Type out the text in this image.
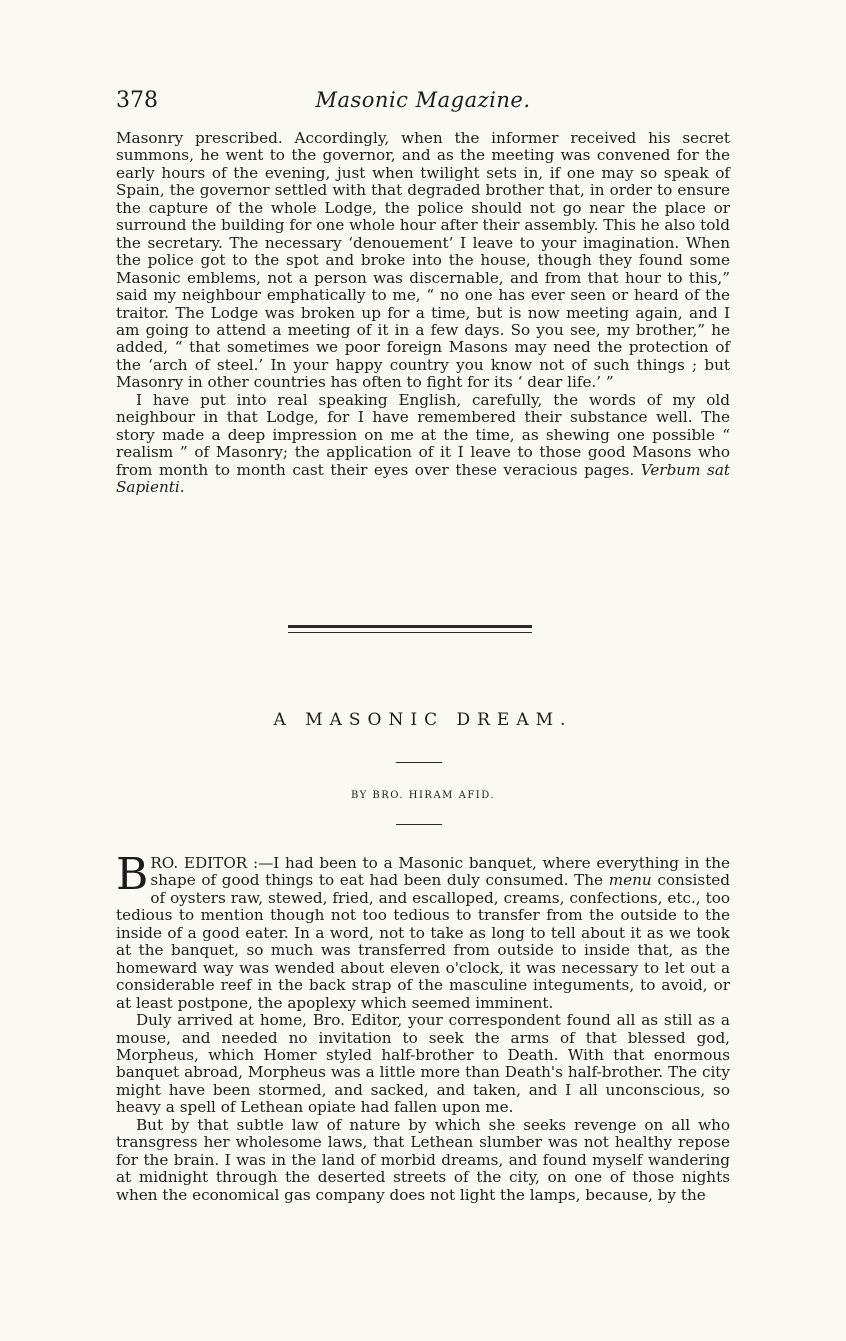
378	Masonic Magazine.

Masonry prescribed. Accordingly, when the informer received his secret summons, he went to the governor, and as the meeting was convened for the early hours of the evening, just when twilight sets in, if one may so speak of Spain, the governor settled with that degraded brother that, in order to ensure the capture of the whole Lodge, the police should not go near the place or surround the building for one whole hour after their assembly. This he also told the secretary. The necessary ‘denouement’ I leave to your imagination. When the police got to the spot and broke into the house, though they found some Masonic emblems, not a person was discernable, and from that hour to this,” said my neighbour emphatically to me, “ no one has ever seen or heard of the traitor. The Lodge was broken up for a time, but is now meeting again, and I am going to attend a meeting of it in a few days. So you see, my brother,” he added, “ that sometimes we poor foreign Masons may need the protection of the ‘arch of steel.’ In your happy country you know not of such things ; but Masonry in other countries has often to fight for its ‘ dear life.’ ”

I have put into real speaking English, carefully, the words of my old neighbour in that Lodge, for I have remembered their substance well. The story made a deep impression on me at the time, as shewing one possible “ realism ” of Masonry; the application of it I leave to those good Masons who from month to month cast their eyes over these veracious pages. Verbum sat Sapienti.

A MASONIC DREAM.
BY BRO. HIRAM AFID.

BRO. EDITOR :—I had been to a Masonic banquet, where everything in the shape of good things to eat had been duly consumed. The menu consisted of oysters raw, stewed, fried, and escalloped, creams, confections, etc., too tedious to mention though not too tedious to transfer from the outside to the inside of a good eater. In a word, not to take as long to tell about it as we took at the banquet, so much was transferred from outside to inside that, as the homeward way was wended about eleven o'clock, it was necessary to let out a considerable reef in the back strap of the masculine integuments, to avoid, or at least postpone, the apoplexy which seemed imminent.

Duly arrived at home, Bro. Editor, your correspondent found all as still as a mouse, and needed no invitation to seek the arms of that blessed god, Morpheus, which Homer styled half-brother to Death. With that enormous banquet abroad, Morpheus was a little more than Death's half-brother. The city might have been stormed, and sacked, and taken, and I all unconscious, so heavy a spell of Lethean opiate had fallen upon me.

But by that subtle law of nature by which she seeks revenge on all who transgress her wholesome laws, that Lethean slumber was not healthy repose for the brain. I was in the land of morbid dreams, and found myself wandering at midnight through the deserted streets of the city, on one of those nights when the economical gas company does not light the lamps, because, by the
